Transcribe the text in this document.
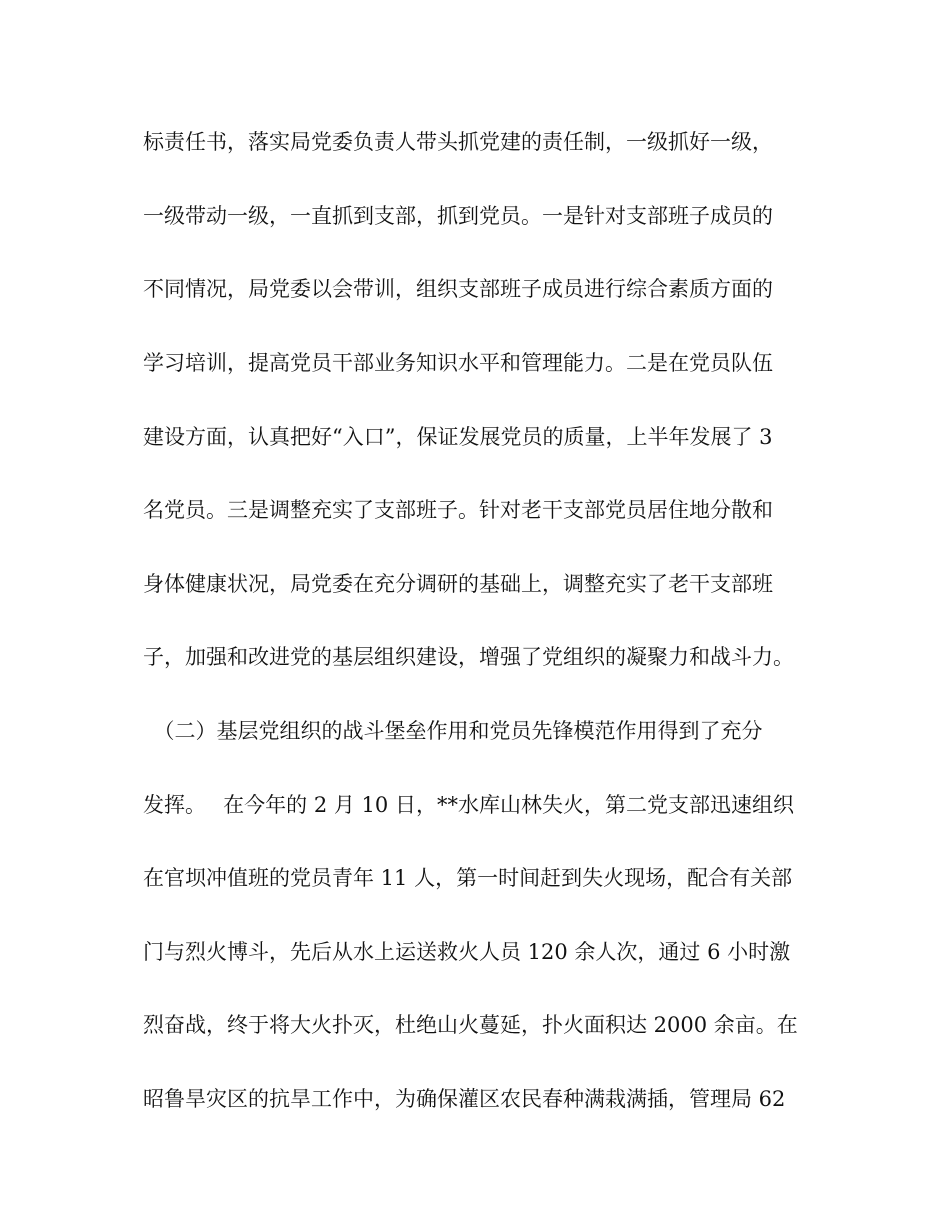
标责任书，落实局党委负责人带头抓党建的责任制，一级抓好一级，
一级带动一级，一直抓到支部，抓到党员。一是针对支部班子成员的
不同情况，局党委以会带训，组织支部班子成员进行综合素质方面的
学习培训，提高党员干部业务知识水平和管理能力。二是在党员队伍
建设方面，认真把好“入口”，保证发展党员的质量，上半年发展了 3
名党员。三是调整充实了支部班子。针对老干支部党员居住地分散和
身体健康状况，局党委在充分调研的基础上，调整充实了老干支部班
子，加强和改进党的基层组织建设，增强了党组织的凝聚力和战斗力。
　（二）基层党组织的战斗堡垒作用和党员先锋模范作用得到了充分
发挥。　 在今年的 2 月 10 日，**水库山林失火，第二党支部迅速组织
在官坝冲值班的党员青年 11 人，第一时间赶到失火现场，配合有关部
门与烈火博斗，先后从水上运送救火人员 120 余人次，通过 6 小时激
烈奋战，终于将大火扑灭，杜绝山火蔓延，扑火面积达 2000 余亩。在
昭鲁旱灾区的抗旱工作中，为确保灌区农民春种满栽满插，管理局 62
